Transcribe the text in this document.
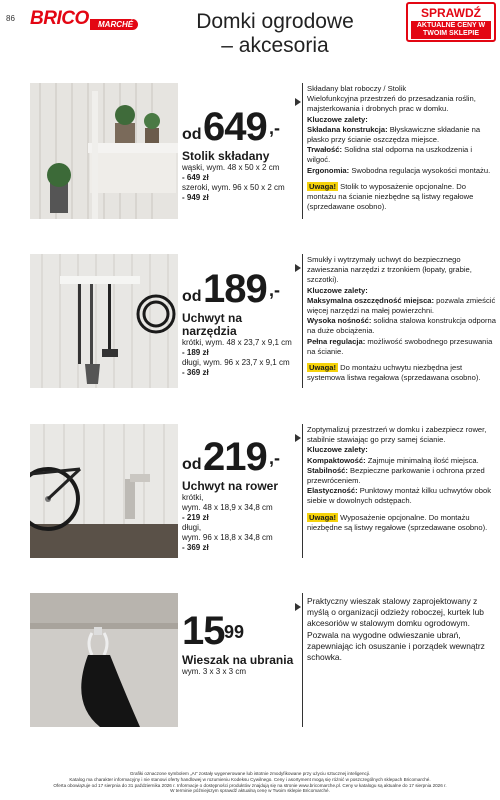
86 BRICO	MARCHÉ	Domki ogrodowe
– akcesoria
SPRAWDŹ
AKTUALNE CENY W TWOIM SKLEPIE
od 649 ,-
Stolik składany
wąski, wym. 48 x 50 x 2 cm
- 649 zł
szeroki, wym. 96 x 50 x 2 cm
- 949 zł
Składany blat roboczy / Stolik
Wielofunkcyjna przestrzeń do przesadzania roślin, majsterkowania i drobnych prac w domku.
Kluczowe zalety:
Składana konstrukcja: Błyskawiczne składanie na płasko przy ścianie oszczędza miejsce.
Trwałość: Solidna stal odporna na uszkodzenia i wilgoć.
Ergonomia: Swobodna regulacja wysokości montażu.
Uwaga! Stolik to wyposażenie opcjonalne. Do montażu na ścianie niezbędne są listwy regałowe (sprzedawane osobno).
od 189 ,-
Uchwyt na narzędzia
krótki, wym. 48 x 23,7 x 9,1 cm
- 189 zł
długi, wym. 96 x 23,7 x 9,1 cm
- 369 zł
Smukły i wytrzymały uchwyt do bezpiecznego zawieszania narzędzi z trzonkiem (łopaty, grabie, szczotki).
Kluczowe zalety:
Maksymalna oszczędność miejsca: pozwala zmieścić więcej narzędzi na małej powierzchni.
Wysoka nośność: solidna stalowa konstrukcja odporna na duże obciążenia.
Pełna regulacja: możliwość swobodnego przesuwania na ścianie.
Uwaga! Do montażu uchwytu niezbędna jest systemowa listwa regałowa (sprzedawana osobno).
od 219 ,-
Uchwyt na rower
krótki,
wym. 48 x 18,9 x 34,8 cm
- 219 zł
długi,
wym. 96 x 18,8 x 34,8 cm
- 369 zł
Zoptymalizuj przestrzeń w domku i zabezpiecz rower, stabilnie stawiając go przy samej ścianie.
Kluczowe zalety:
Kompaktowość: Zajmuje minimalną ilość miejsca.
Stabilność: Bezpieczne parkowanie i ochrona przed przewróceniem.
Elastyczność: Punktowy montaż kilku uchwytów obok siebie w dowolnych odstępach.
Uwaga! Wyposażenie opcjonalne. Do montażu niezbędne są listwy regałowe (sprzedawane osobno).
15 99
Wieszak na ubrania
wym. 3 x 3 x 3 cm
Praktyczny wieszak stalowy zaprojektowany z myślą o organizacji odzieży roboczej, kurtek lub akcesoriów w stalowym domku ogrodowym. Pozwala na wygodne odwieszanie ubrań, zapewniając ich osuszanie i porządek wewnątrz schowka.
Grafiki oznaczone symbolem „AI” zostały wygenerowane lub istotnie zmodyfikowane przy użyciu sztucznej inteligencji.
Katalog ma charakter informacyjny i nie stanowi oferty handlowej w rozumieniu Kodeksu Cywilnego. Ceny i asortyment mogą się różnić w poszczególnych sklepach Bricomarché.
Oferta obowiązuje od 17 sierpnia do 31 października 2026 r. Informacje o dostępności produktów znajdują się na stronie www.bricomarche.pl. Ceny w katalogu są aktualne do 17 sierpnia 2026 r.
W terminie późniejszym sprawdź aktualną cenę w Twoim sklepie Bricomarché.
